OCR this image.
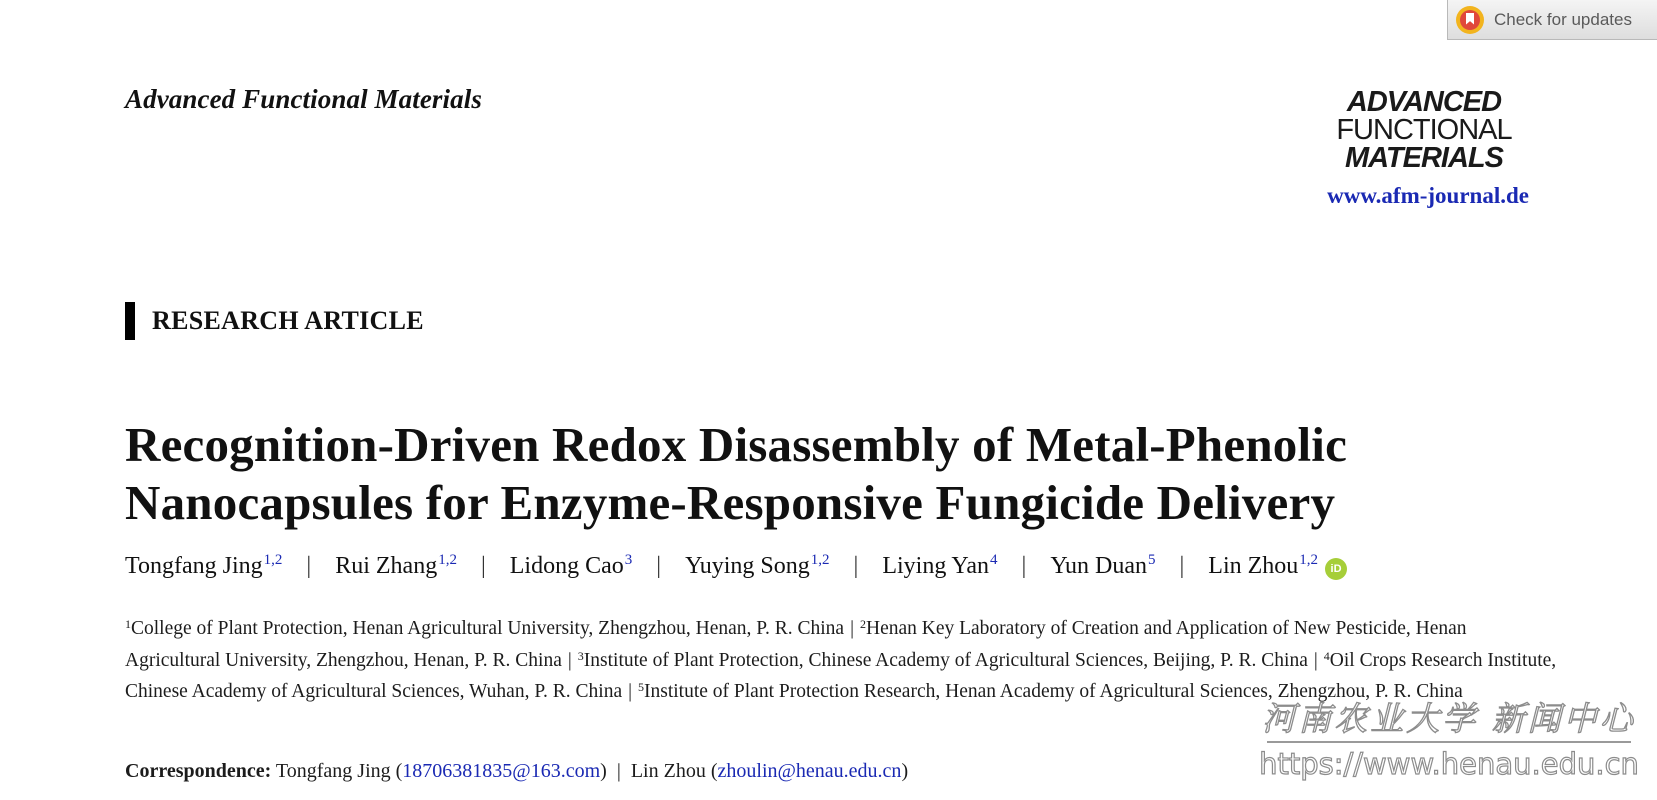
Check for updates
Advanced Functional Materials	ADVANCED
FUNCTIONAL
MATERIALS
www.afm-journal.de
RESEARCH ARTICLE
Recognition-Driven Redox Disassembly of Metal-Phenolic
Nanocapsules for Enzyme-Responsive Fungicide Delivery
Tongfang Jing$^{1,2}$ | Rui Zhang$^{1,2}$ | Lidong Cao$^3$ | Yuying Song$^{1,2}$ | Liying Yan$^4$ | Yun Duan$^5$ | Lin Zhou$^{1,2}$
iD

$^1$College of Plant Protection, Henan Agricultural University, Zhengzhou, Henan, P. R. China | $^2$Henan Key Laboratory of Creation and Application of New Pesticide, Henan Agricultural University, Zhengzhou, Henan, P. R. China | $^3$Institute of Plant Protection, Chinese Academy of Agricultural Sciences, Beijing, P. R. China | $^4$Oil Crops Research Institute, Chinese Academy of Agricultural Sciences, Wuhan, P. R. China | $^5$Institute of Plant Protection Research, Henan Academy of Agricultural Sciences, Zhengzhou, P. R. China

Correspondence: Tongfang Jing (18706381835@163.com) | Lin Zhou (zhoulin@henau.edu.cn)
河南农业大学 新闻中心
https://www.henau.edu.cn
